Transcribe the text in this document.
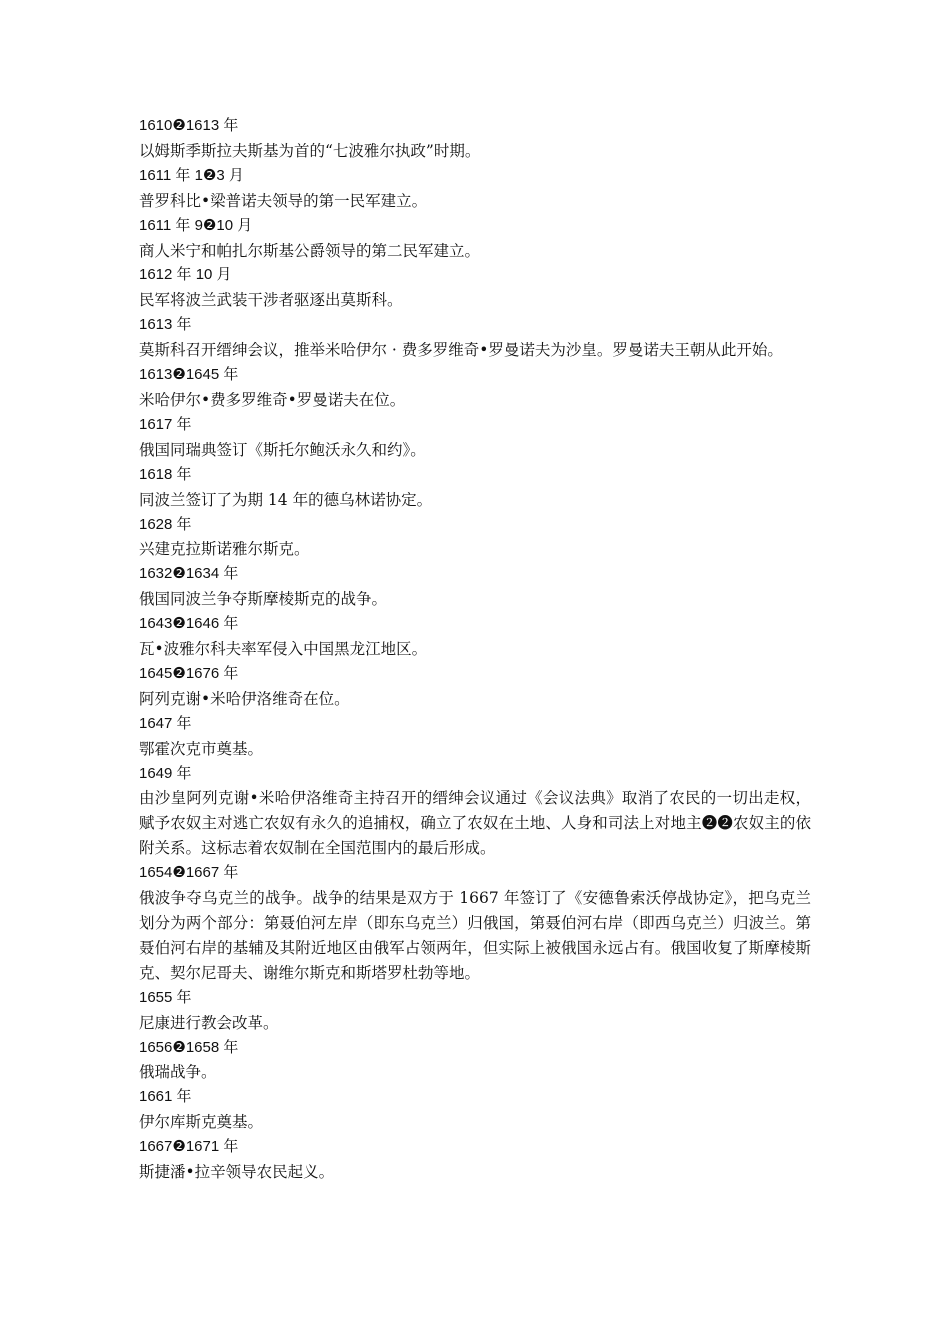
1610❷1613 年
以姆斯季斯拉夫斯基为首的“七波雅尔执政”时期。
1611 年 1❷3 月
普罗科比•梁普诺夫领导的第一民军建立。
1611 年 9❷10 月
商人米宁和帕扎尔斯基公爵领导的第二民军建立。
1612 年 10 月
民军将波兰武装干涉者驱逐出莫斯科。
1613 年
莫斯科召开缙绅会议，推举米哈伊尔 · 费多罗维奇•罗曼诺夫为沙皇。罗曼诺夫王朝从此开始。
1613❷1645 年
米哈伊尔•费多罗维奇•罗曼诺夫在位。
1617 年
俄国同瑞典签订《斯托尔鲍沃永久和约》。
1618 年
同波兰签订了为期 14 年的德乌林诺协定。
1628 年
兴建克拉斯诺雅尔斯克。
1632❷1634 年
俄国同波兰争夺斯摩棱斯克的战争。
1643❷1646 年
瓦•波雅尔科夫率军侵入中国黑龙江地区。
1645❷1676 年
阿列克谢•米哈伊洛维奇在位。
1647 年
鄂霍次克市奠基。
1649 年
由沙皇阿列克谢•米哈伊洛维奇主持召开的缙绅会议通过《会议法典》取消了农民的一切出走权，赋予农奴主对逃亡农奴有永久的追捕权，确立了农奴在土地、人身和司法上对地主❷❷农奴主的依附关系。这标志着农奴制在全国范围内的最后形成。
1654❷1667 年
俄波争夺乌克兰的战争。战争的结果是双方于 1667 年签订了《安德鲁索沃停战协定》，把乌克兰划分为两个部分：第聂伯河左岸（即东乌克兰）归俄国，第聂伯河右岸（即西乌克兰）归波兰。第聂伯河右岸的基辅及其附近地区由俄军占领两年，但实际上被俄国永远占有。俄国收复了斯摩棱斯克、契尔尼哥夫、谢维尔斯克和斯塔罗杜勃等地。
1655 年
尼康进行教会改革。
1656❷1658 年
俄瑞战争。
1661 年
伊尔库斯克奠基。
1667❷1671 年
斯捷潘•拉辛领导农民起义。
